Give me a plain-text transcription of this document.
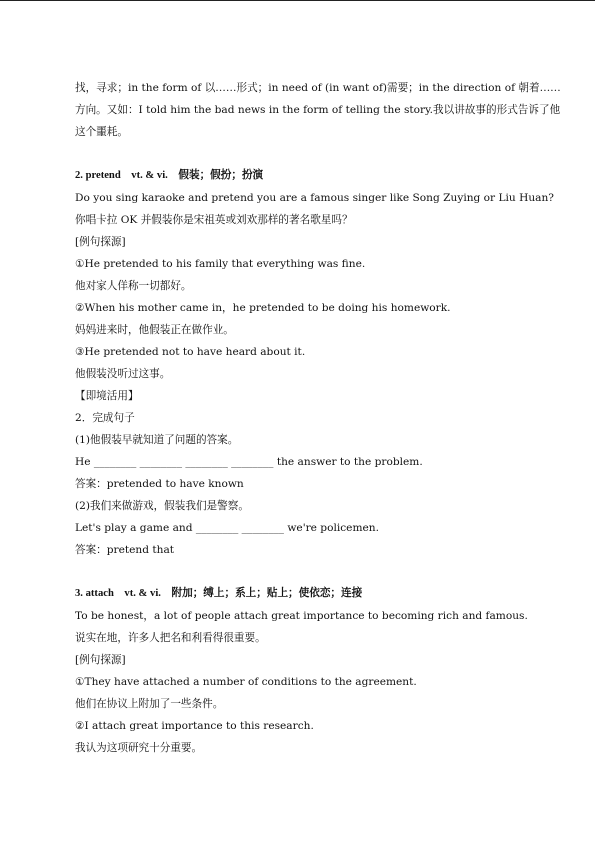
找，寻求；in the form of 以……形式；in need of (in want of)需要；in the direction of 朝着……
方向。又如：I told him the bad news in the form of telling the story.我以讲故事的形式告诉了他
这个噩耗。
2. pretend　vt. & vi.　假装；假扮；扮演
Do you sing karaoke and pretend you are a famous singer like Song Zuying or Liu Huan?
你唱卡拉 OK 并假装你是宋祖英或刘欢那样的著名歌星吗？
[例句探源]
①He pretended to his family that everything was fine.
他对家人佯称一切都好。
②When his mother came in，he pretended to be doing his homework.
妈妈进来时，他假装正在做作业。
③He pretended not to have heard about it.
他假装没听过这事。
【即境活用】
2．完成句子
(1)他假装早就知道了问题的答案。
He ________ ________ ________ ________ the answer to the problem.
答案：pretended to have known
(2)我们来做游戏，假装我们是警察。
Let's play a game and ________ ________ we're policemen.
答案：pretend that
3. attach　vt. & vi.　附加；缚上；系上；贴上；使依恋；连接
To be honest，a lot of people attach great importance to becoming rich and famous.
说实在地，许多人把名和利看得很重要。
[例句探源]
①They have attached a number of conditions to the agreement.
他们在协议上附加了一些条件。
②I attach great importance to this research.
我认为这项研究十分重要。
